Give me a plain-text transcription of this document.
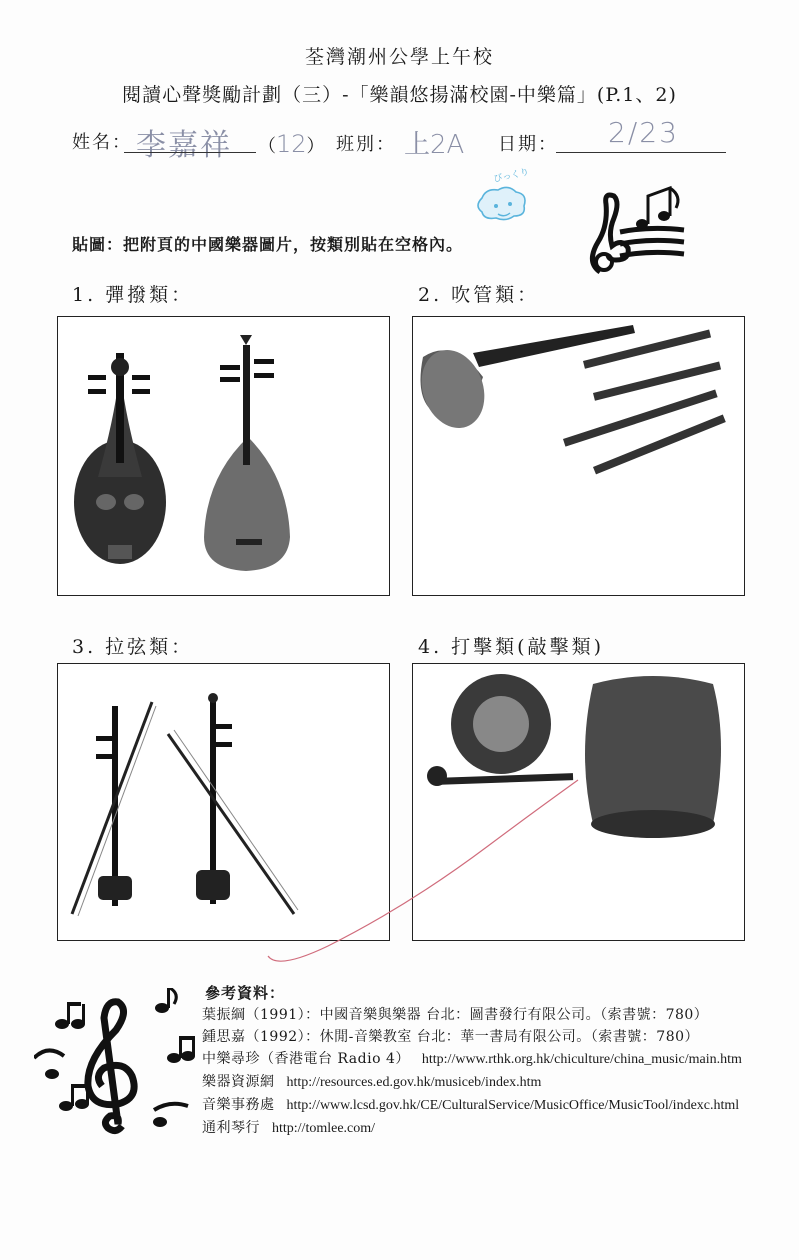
荃灣潮州公學上午校
閱讀心聲獎勵計劃（三）-「樂韻悠揚滿校園-中樂篇」(P.1、2)
姓名： 李嘉祥 （12） 班別： 上2A 日期： 2/23
びっくり
貼圖：把附頁的中國樂器圖片，按類別貼在空格內。
1. 彈撥類：	2. 吹管類：
3. 拉弦類：	4. 打擊類(敲擊類)
參考資料：
葉振綱（1991）：中國音樂與樂器 台北：圖書發行有限公司。（索書號：780）
鍾思嘉（1992）：休閒-音樂教室 台北：華一書局有限公司。（索書號：780）
中樂尋珍（香港電台 Radio 4） http://www.rthk.org.hk/chiculture/china_music/main.htm
樂器資源網 http://resources.ed.gov.hk/musiceb/index.htm
音樂事務處 http://www.lcsd.gov.hk/CE/CulturalService/MusicOffice/MusicTool/indexc.html
通利琴行 http://tomlee.com/
